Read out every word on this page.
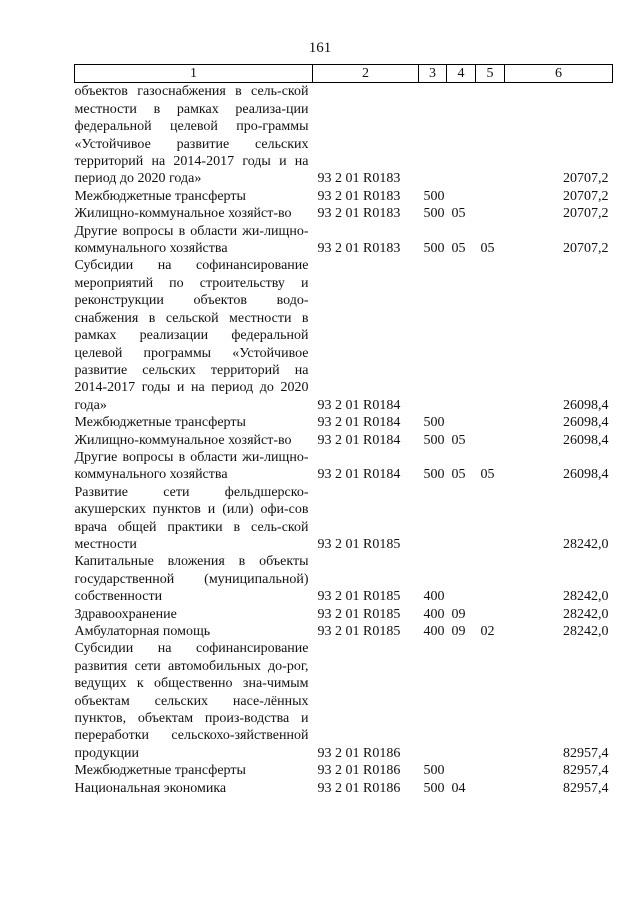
161
1	2	3	4	5	6
объектов газоснабжения в сель-ской местности в рамках реализа-ции федеральной целевой про-граммы «Устойчивое развитие сельских территорий на 2014-2017 годы и на период до 2020 года»	93 2 01 R0183				20707,2
Межбюджетные трансферты	93 2 01 R0183	500			20707,2
Жилищно-коммунальное хозяйст-во	93 2 01 R0183	500	05		20707,2
Другие вопросы в области жи-лищно-коммунального хозяйства	93 2 01 R0183	500	05	05	20707,2
Субсидии на софинансирование мероприятий по строительству и реконструкции объектов водо-снабжения в сельской местности в рамках реализации федеральной целевой программы «Устойчивое развитие сельских территорий на 2014-2017 годы и на период до 2020 года»	93 2 01 R0184				26098,4
Межбюджетные трансферты	93 2 01 R0184	500			26098,4
Жилищно-коммунальное хозяйст-во	93 2 01 R0184	500	05		26098,4
Другие вопросы в области жи-лищно-коммунального хозяйства	93 2 01 R0184	500	05	05	26098,4
Развитие сети фельдшерско-акушерских пунктов и (или) офи-сов врача общей практики в сель-ской местности	93 2 01 R0185				28242,0
Капитальные вложения в объекты государственной (муниципальной) собственности	93 2 01 R0185	400			28242,0
Здравоохранение	93 2 01 R0185	400	09		28242,0
Амбулаторная помощь	93 2 01 R0185	400	09	02	28242,0
Субсидии на софинансирование развития сети автомобильных до-рог, ведущих к общественно зна-чимым объектам сельских насе-лённых пунктов, объектам произ-водства и переработки сельскохо-зяйственной продукции	93 2 01 R0186				82957,4
Межбюджетные трансферты	93 2 01 R0186	500			82957,4
Национальная экономика	93 2 01 R0186	500	04		82957,4
